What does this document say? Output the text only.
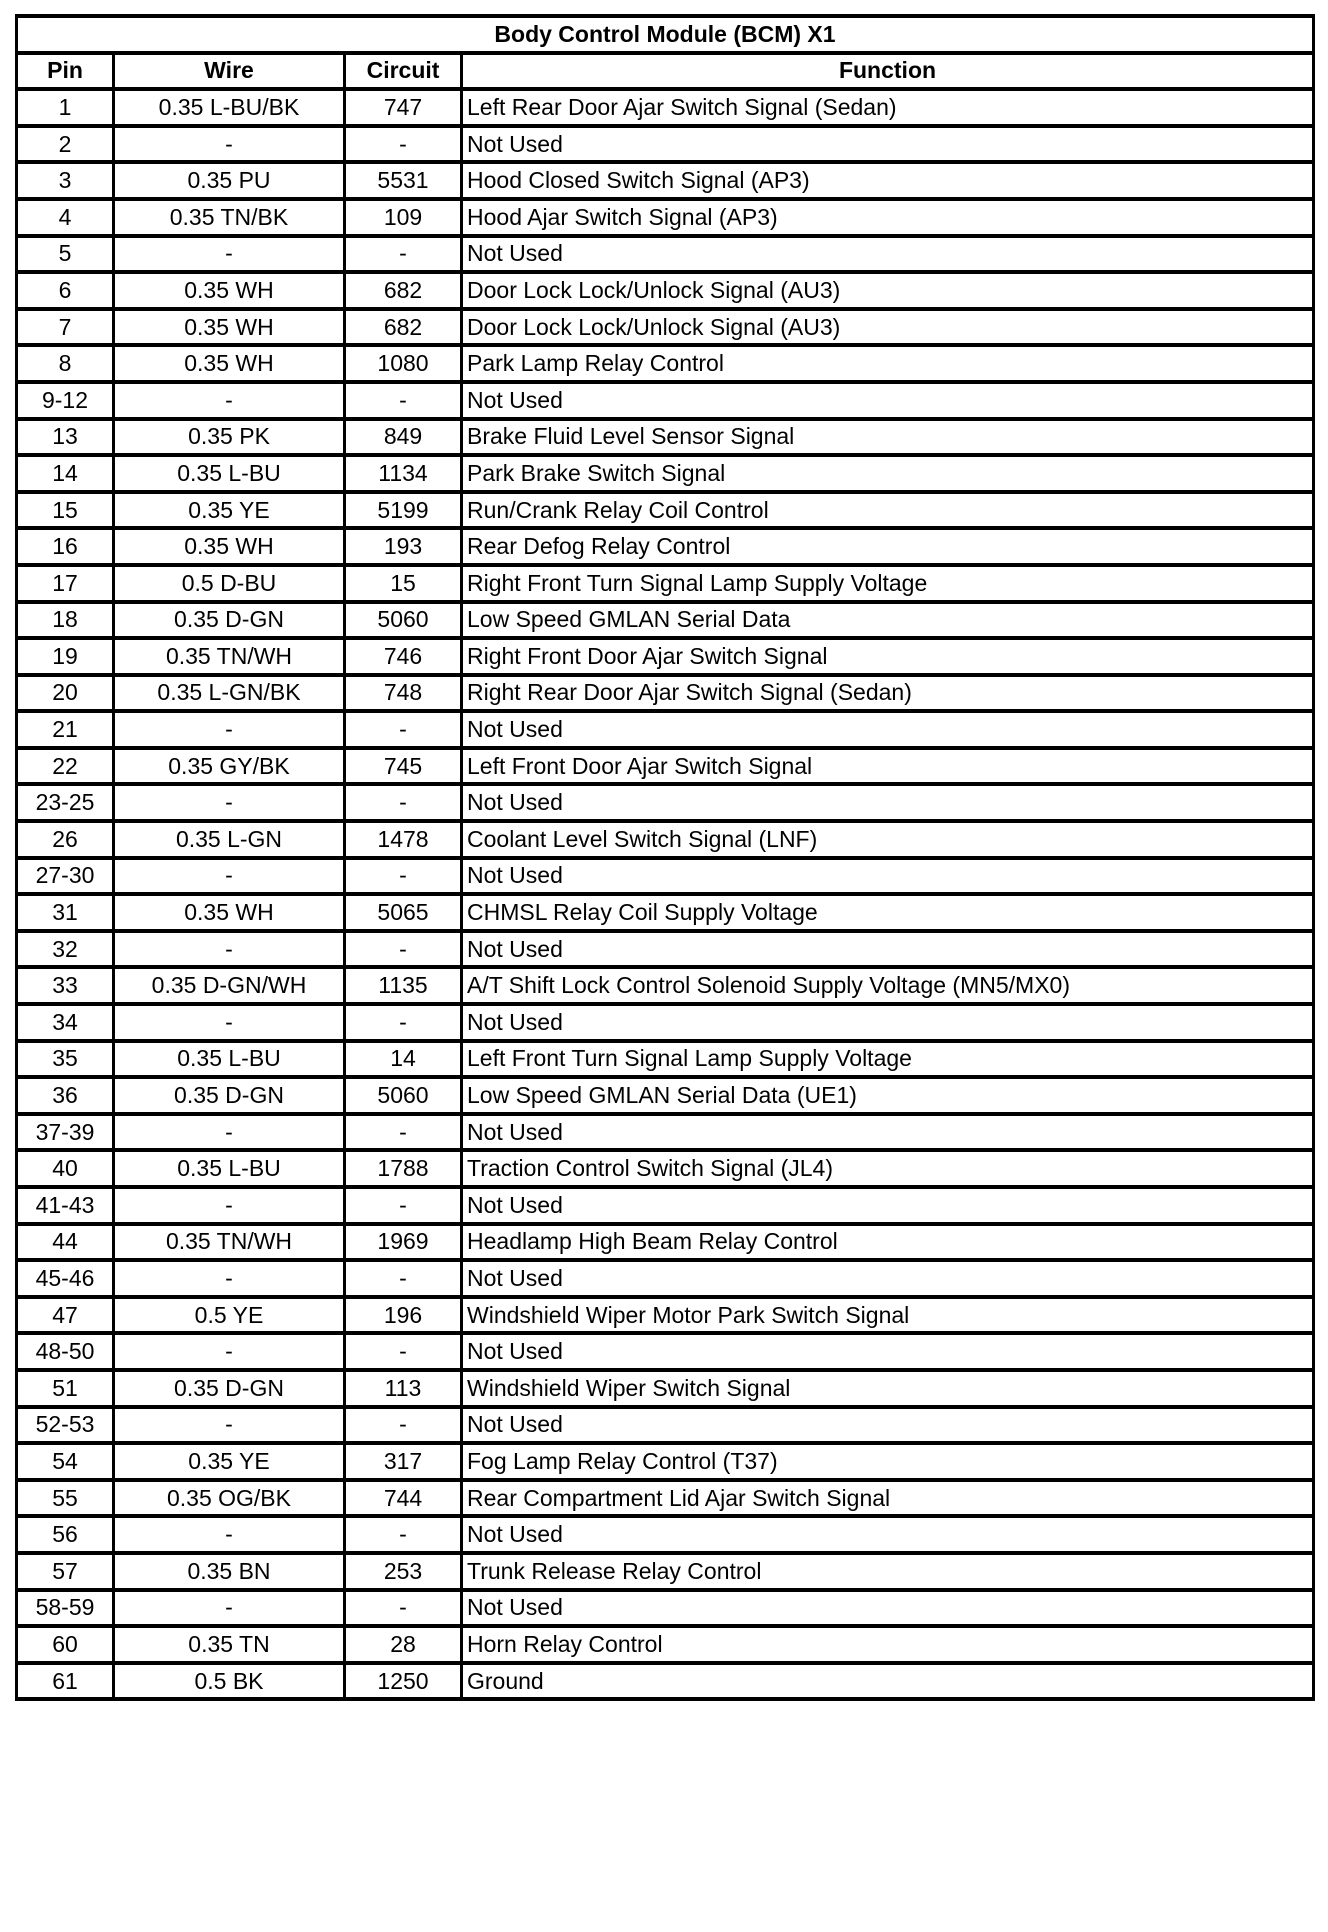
Body Control Module (BCM) X1			
Pin	Wire	Circuit	Function
1	0.35 L-BU/BK	747	Left Rear Door Ajar Switch Signal (Sedan)
2	-	-	Not Used
3	0.35 PU	5531	Hood Closed Switch Signal (AP3)
4	0.35 TN/BK	109	Hood Ajar Switch Signal (AP3)
5	-	-	Not Used
6	0.35 WH	682	Door Lock Lock/Unlock Signal (AU3)
7	0.35 WH	682	Door Lock Lock/Unlock Signal (AU3)
8	0.35 WH	1080	Park Lamp Relay Control
9-12	-	-	Not Used
13	0.35 PK	849	Brake Fluid Level Sensor Signal
14	0.35 L-BU	1134	Park Brake Switch Signal
15	0.35 YE	5199	Run/Crank Relay Coil Control
16	0.35 WH	193	Rear Defog Relay Control
17	0.5 D-BU	15	Right Front Turn Signal Lamp Supply Voltage
18	0.35 D-GN	5060	Low Speed GMLAN Serial Data
19	0.35 TN/WH	746	Right Front Door Ajar Switch Signal
20	0.35 L-GN/BK	748	Right Rear Door Ajar Switch Signal (Sedan)
21	-	-	Not Used
22	0.35 GY/BK	745	Left Front Door Ajar Switch Signal
23-25	-	-	Not Used
26	0.35 L-GN	1478	Coolant Level Switch Signal (LNF)
27-30	-	-	Not Used
31	0.35 WH	5065	CHMSL Relay Coil Supply Voltage
32	-	-	Not Used
33	0.35 D-GN/WH	1135	A/T Shift Lock Control Solenoid Supply Voltage (MN5/MX0)
34	-	-	Not Used
35	0.35 L-BU	14	Left Front Turn Signal Lamp Supply Voltage
36	0.35 D-GN	5060	Low Speed GMLAN Serial Data (UE1)
37-39	-	-	Not Used
40	0.35 L-BU	1788	Traction Control Switch Signal (JL4)
41-43	-	-	Not Used
44	0.35 TN/WH	1969	Headlamp High Beam Relay Control
45-46	-	-	Not Used
47	0.5 YE	196	Windshield Wiper Motor Park Switch Signal
48-50	-	-	Not Used
51	0.35 D-GN	113	Windshield Wiper Switch Signal
52-53	-	-	Not Used
54	0.35 YE	317	Fog Lamp Relay Control (T37)
55	0.35 OG/BK	744	Rear Compartment Lid Ajar Switch Signal
56	-	-	Not Used
57	0.35 BN	253	Trunk Release Relay Control
58-59	-	-	Not Used
60	0.35 TN	28	Horn Relay Control
61	0.5 BK	1250	Ground
